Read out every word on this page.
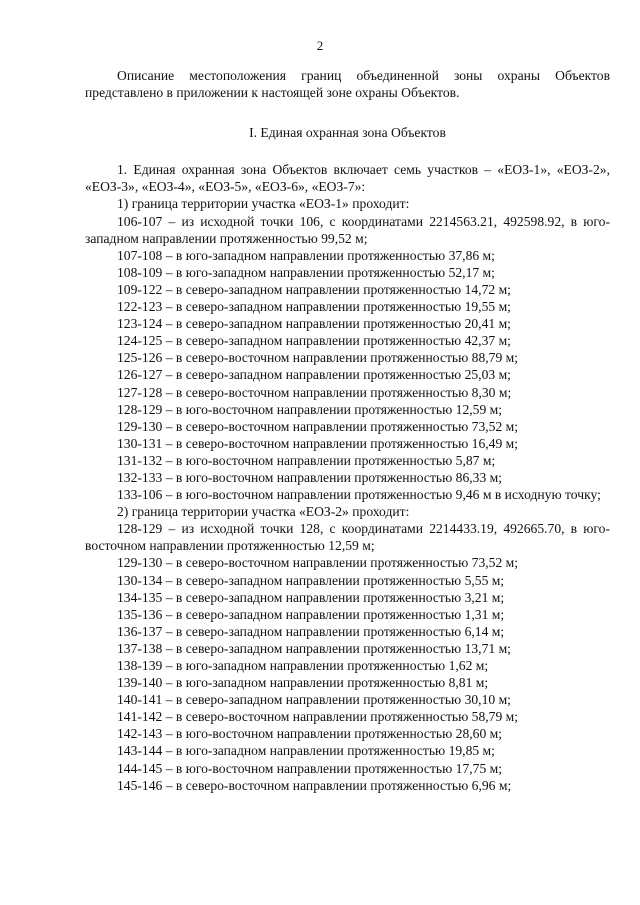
2

Описание местоположения границ объединенной зоны охраны Объектов представлено в приложении к настоящей зоне охраны Объектов.

I. Единая охранная зона Объектов

1. Единая охранная зона Объектов включает семь участков – «ЕОЗ-1», «ЕОЗ-2», «ЕОЗ-3», «ЕОЗ-4», «ЕОЗ-5», «ЕОЗ-6», «ЕОЗ-7»:

1) граница территории участка «ЕОЗ-1» проходит:

106-107 – из исходной точки 106, с координатами 2214563.21, 492598.92, в юго-западном направлении протяженностью 99,52 м;

107-108 – в юго-западном направлении протяженностью 37,86 м;

108-109 – в юго-западном направлении протяженностью 52,17 м;

109-122 – в северо-западном направлении протяженностью 14,72 м;

122-123 – в северо-западном направлении протяженностью 19,55 м;

123-124 – в северо-западном направлении протяженностью 20,41 м;

124-125 – в северо-западном направлении протяженностью 42,37 м;

125-126 – в северо-восточном направлении протяженностью 88,79 м;

126-127 – в северо-западном направлении протяженностью 25,03 м;

127-128 – в северо-восточном направлении протяженностью 8,30 м;

128-129 – в юго-восточном направлении протяженностью 12,59 м;

129-130 – в северо-восточном направлении протяженностью 73,52 м;

130-131 – в северо-восточном направлении протяженностью 16,49 м;

131-132 – в юго-восточном направлении протяженностью 5,87 м;

132-133 – в юго-восточном направлении протяженностью 86,33 м;

133-106 – в юго-восточном направлении протяженностью 9,46 м в исходную точку;

2) граница территории участка «ЕОЗ-2» проходит:

128-129 – из исходной точки 128, с координатами 2214433.19, 492665.70, в юго-восточном направлении протяженностью 12,59 м;

129-130 – в северо-восточном направлении протяженностью 73,52 м;

130-134 – в северо-западном направлении протяженностью 5,55 м;

134-135 – в северо-западном направлении протяженностью 3,21 м;

135-136 – в северо-западном направлении протяженностью 1,31 м;

136-137 – в северо-западном направлении протяженностью 6,14 м;

137-138 – в северо-западном направлении протяженностью 13,71 м;

138-139 – в юго-западном направлении протяженностью 1,62 м;

139-140 – в юго-западном направлении протяженностью 8,81 м;

140-141 – в северо-западном направлении протяженностью 30,10 м;

141-142 – в северо-восточном направлении протяженностью 58,79 м;

142-143 – в юго-восточном направлении протяженностью 28,60 м;

143-144 – в юго-западном направлении протяженностью 19,85 м;

144-145 – в юго-восточном направлении протяженностью 17,75 м;

145-146 – в северо-восточном направлении протяженностью 6,96 м;
